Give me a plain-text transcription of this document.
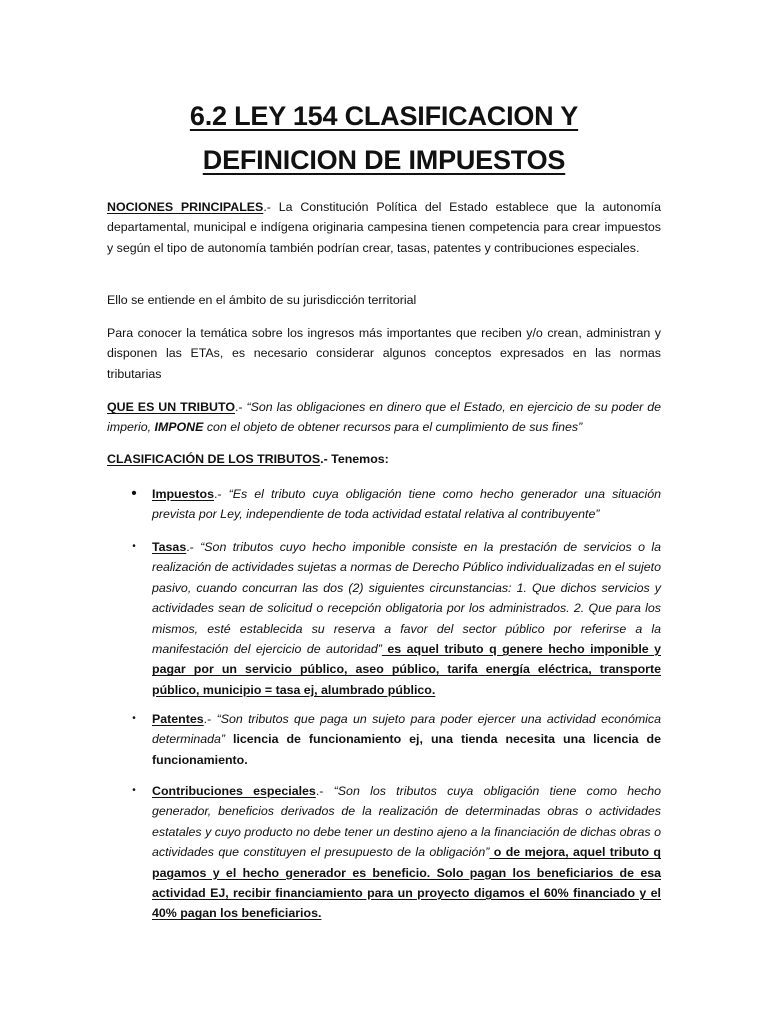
6.2 LEY 154 CLASIFICACION Y
DEFINICION DE IMPUESTOS
NOCIONES PRINCIPALES.- La Constitución Política del Estado establece que la autonomía departamental, municipal e indígena originaria campesina tienen competencia para crear impuestos y según el tipo de autonomía también podrían crear, tasas, patentes y contribuciones especiales.
Ello se entiende en el ámbito de su jurisdicción territorial
Para conocer la temática sobre los ingresos más importantes que reciben y/o crean, administran y disponen las ETAs, es necesario considerar algunos conceptos expresados en las normas tributarias
QUE ES UN TRIBUTO.- “Son las obligaciones en dinero que el Estado, en ejercicio de su poder de imperio, IMPONE con el objeto de obtener recursos para el cumplimiento de sus fines”
CLASIFICACIÓN DE LOS TRIBUTOS.- Tenemos:
•	Impuestos.- “Es el tributo cuya obligación tiene como hecho generador una situación prevista por Ley, independiente de toda actividad estatal relativa al contribuyente”
•	Tasas.- “Son tributos cuyo hecho imponible consiste en la prestación de servicios o la realización de actividades sujetas a normas de Derecho Público individualizadas en el sujeto pasivo, cuando concurran las dos (2) siguientes circunstancias: 1. Que dichos servicios y actividades sean de solicitud o recepción obligatoria por los administrados. 2. Que para los mismos, esté establecida su reserva a favor del sector público por referirse a la manifestación del ejercicio de autoridad” es aquel tributo q genere hecho imponible y pagar por un servicio público, aseo público, tarifa energía eléctrica, transporte público, municipio = tasa ej, alumbrado público.
•	Patentes.- “Son tributos que paga un sujeto para poder ejercer una actividad económica determinada” licencia de funcionamiento ej, una tienda necesita una licencia de funcionamiento.
•	Contribuciones especiales.- “Son los tributos cuya obligación tiene como hecho generador, beneficios derivados de la realización de determinadas obras o actividades estatales y cuyo producto no debe tener un destino ajeno a la financiación de dichas obras o actividades que constituyen el presupuesto de la obligación” o de mejora, aquel tributo q pagamos y el hecho generador es beneficio. Solo pagan los beneficiarios de esa actividad EJ, recibir financiamiento para un proyecto digamos el 60% financiado y el 40% pagan los beneficiarios.
